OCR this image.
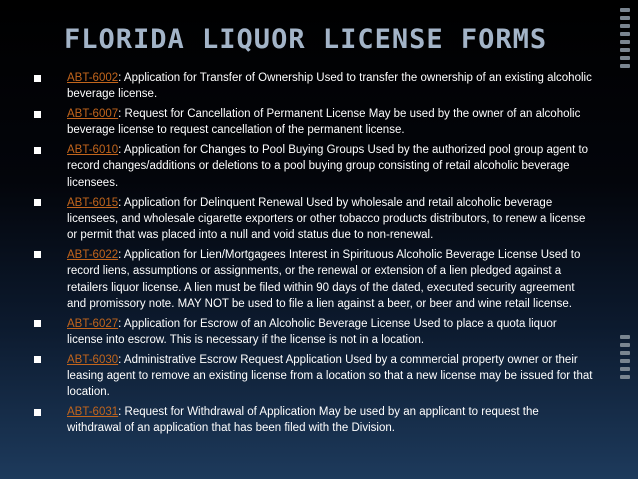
FLORIDA LIQUOR LICENSE FORMS
ABT-6002: Application for Transfer of Ownership Used to transfer the ownership of an existing alcoholic beverage license.
ABT-6007: Request for Cancellation of Permanent License May be used by the owner of an alcoholic beverage license to request cancellation of the permanent license.
ABT-6010: Application for Changes to Pool Buying Groups Used by the authorized pool group agent to record changes/additions or deletions to a pool buying group consisting of retail alcoholic beverage licensees.
ABT-6015: Application for Delinquent Renewal Used by wholesale and retail alcoholic beverage licensees, and wholesale cigarette exporters or other tobacco products distributors, to renew a license or permit that was placed into a null and void status due to non-renewal.
ABT-6022: Application for Lien/Mortgagees Interest in Spirituous Alcoholic Beverage License Used to record liens, assumptions or assignments, or the renewal or extension of a lien pledged against a retailers liquor license. A lien must be filed within 90 days of the dated, executed security agreement and promissory note. MAY NOT be used to file a lien against a beer, or beer and wine retail license.
ABT-6027: Application for Escrow of an Alcoholic Beverage License Used to place a quota liquor license into escrow. This is necessary if the license is not in a location.
ABT-6030: Administrative Escrow Request Application Used by a commercial property owner or their leasing agent to remove an existing license from a location so that a new license may be issued for that location.
ABT-6031: Request for Withdrawal of Application May be used by an applicant to request the withdrawal of an application that has been filed with the Division.
